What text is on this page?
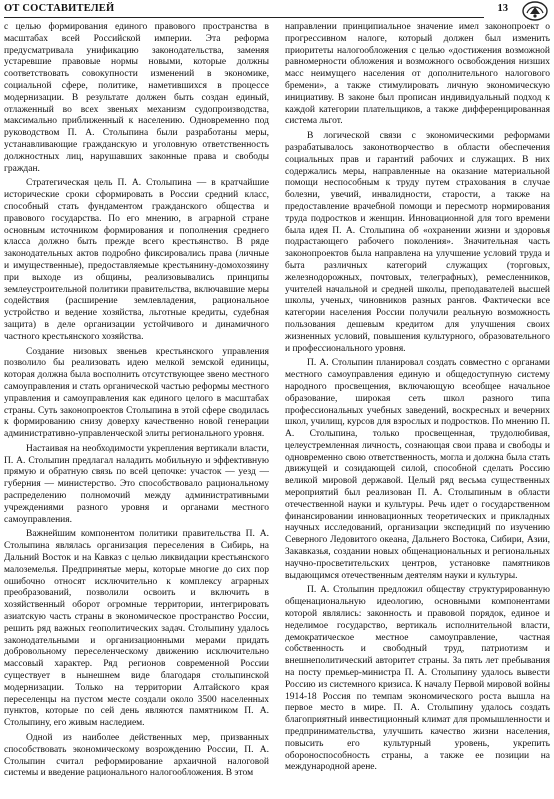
ОТ СОСТАВИТЕЛЕЙ	13

с целью формирования единого правового пространства в масштабах всей Российской империи. Эта реформа предусматривала унификацию законодательства, заменяя устаревшие правовые нормы новыми, которые должны соответствовать совокупности изменений в экономике, социальной сфере, политике, наметившихся в процессе модернизации. В результате должен быть создан единый, отлаженный во всех звеньях механизм судопроизводства, максимально приближенный к населению. Одновременно под руководством П. А. Столыпина были разработаны меры, устанавливающие гражданскую и уголовную ответственность должностных лиц, нарушавших законные права и свободы граждан.

Стратегическая цель П. А. Столыпина — в кратчайшие исторические сроки сформировать в России средний класс, способный стать фундаментом гражданского общества и правового государства. По его мнению, в аграрной стране основным источником формирования и пополнения среднего класса должно быть прежде всего крестьянство. В ряде законодательных актов подробно фиксировались права (личные и имущественные), предоставляемые крестьянину-домохозяину при выходе из общины, реализовывались принципы землеустроительной политики правительства, включавшие меры содействия (расширение землевладения, рациональное устройство и ведение хозяйства, льготные кредиты, судебная защита) в деле организации устойчивого и динамичного частного крестьянского хозяйства.

Создание низовых звеньев крестьянского управления позволило бы реализовать идею мелкой земской единицы, которая должна была восполнить отсутствующее звено местного самоуправления и стать органической частью реформы местного управления и самоуправления как единого целого в масштабах страны. Суть законопроектов Столыпина в этой сфере сводилась к формированию снизу доверху качественно новой генерации административно-управленческой элиты регионального уровня.

Настаивая на необходимости укрепления вертикали власти, П. А. Столыпин предлагал наладить мобильную и эффективную прямую и обратную связь по всей цепочке: участок — уезд — губерния — министерство. Это способствовало рациональному распределению полномочий между административными учреждениями разного уровня и органами местного самоуправления.

Важнейшим компонентом политики правительства П. А. Столыпина являлась организация переселения в Сибирь, на Дальний Восток и на Кавказ с целью ликвидации крестьянского малоземелья. Предпринятые меры, которые многие до сих пор ошибочно относят исключительно к комплексу аграрных преобразований, позволили освоить и включить в хозяйственный оборот огромные территории, интегрировать азиатскую часть страны в экономическое пространство России, решить ряд важных геополитических задач. Столыпину удалось законодательными и организационными мерами придать добровольному переселенческому движению исключительно массовый характер. Ряд регионов современной России существует в нынешнем виде благодаря столыпинской модернизации. Только на территории Алтайского края переселенцы на пустом месте создали около 3500 населенных пунктов, которые по сей день являются памятником П. А. Столыпину, его живым наследием.

Одной из наиболее действенных мер, призванных способствовать экономическому возрождению России, П. А. Столыпин считал реформирование архаичной налоговой системы и введение рационального налогообложения. В этом

направлении принципиальное значение имел законопроект о прогрессивном налоге, который должен был изменить приоритеты налогообложения с целью «достижения возможной равномерности обложения и возможного освобождения низших масс неимущего населения от дополнительного налогового бремени», а также стимулировать личную экономическую инициативу. В законе был прописан индивидуальный подход к каждой категории плательщиков, а также дифференцированная система льгот.

В логической связи с экономическими реформами разрабатывалось законотворчество в области обеспечения социальных прав и гарантий рабочих и служащих. В них содержались меры, направленные на оказание материальной помощи неспособным к труду путем страхования в случае болезни, увечий, инвалидности, старости, а также на предоставление врачебной помощи и пересмотр нормирования труда подростков и женщин. Инновационной для того времени была идея П. А. Столыпина об «охранении жизни и здоровья подрастающего рабочего поколения». Значительная часть законопроектов была направлена на улучшение условий труда и быта различных категорий служащих (торговых, железнодорожных, почтовых, телеграфных), ремесленников, учителей начальной и средней школы, преподавателей высшей школы, ученых, чиновников разных рангов. Фактически все категории населения России получили реальную возможность пользования дешевым кредитом для улучшения своих жизненных условий, повышения культурного, образовательного и профессионального уровня.

П. А. Столыпин планировал создать совместно с органами местного самоуправления единую и общедоступную систему народного просвещения, включающую всеобщее начальное образование, широкая сеть школ разного типа профессиональных учебных заведений, воскресных и вечерних школ, училищ, курсов для взрослых и подростков. По мнению П. А. Столыпина, только просвещенная, трудолюбивая, целеустремленная личность, сознающая свои права и свободы и одновременно свою ответственность, могла и должна была стать движущей и созидающей силой, способной сделать Россию великой мировой державой. Целый ряд весьма существенных мероприятий был реализован П. А. Столыпиным в области отечественной науки и культуры. Речь идет о государственном финансировании инновационных теоретических и прикладных научных исследований, организации экспедиций по изучению Северного Ледовитого океана, Дальнего Востока, Сибири, Азии, Закавказья, создании новых общенациональных и региональных научно-просветительских центров, установке памятников выдающимся отечественным деятелям науки и культуры.

П. А. Столыпин предложил обществу структурированную общенациональную идеологию, основными компонентами которой являлись: законность и правовой порядок, единое и неделимое государство, вертикаль исполнительной власти, демократическое местное самоуправление, частная собственность и свободный труд, патриотизм и внешнеполитический авторитет страны. За пять лет пребывания на посту премьер-министра П. А. Столыпину удалось вывести Россию из системного кризиса. К началу Первой мировой войны 1914-18 Россия по темпам экономического роста вышла на первое место в мире. П. А. Столыпину удалось создать благоприятный инвестиционный климат для промышленности и предпринимательства, улучшить качество жизни населения, повысить его культурный уровень, укрепить обороноспособность страны, а также ее позиции на международной арене.
